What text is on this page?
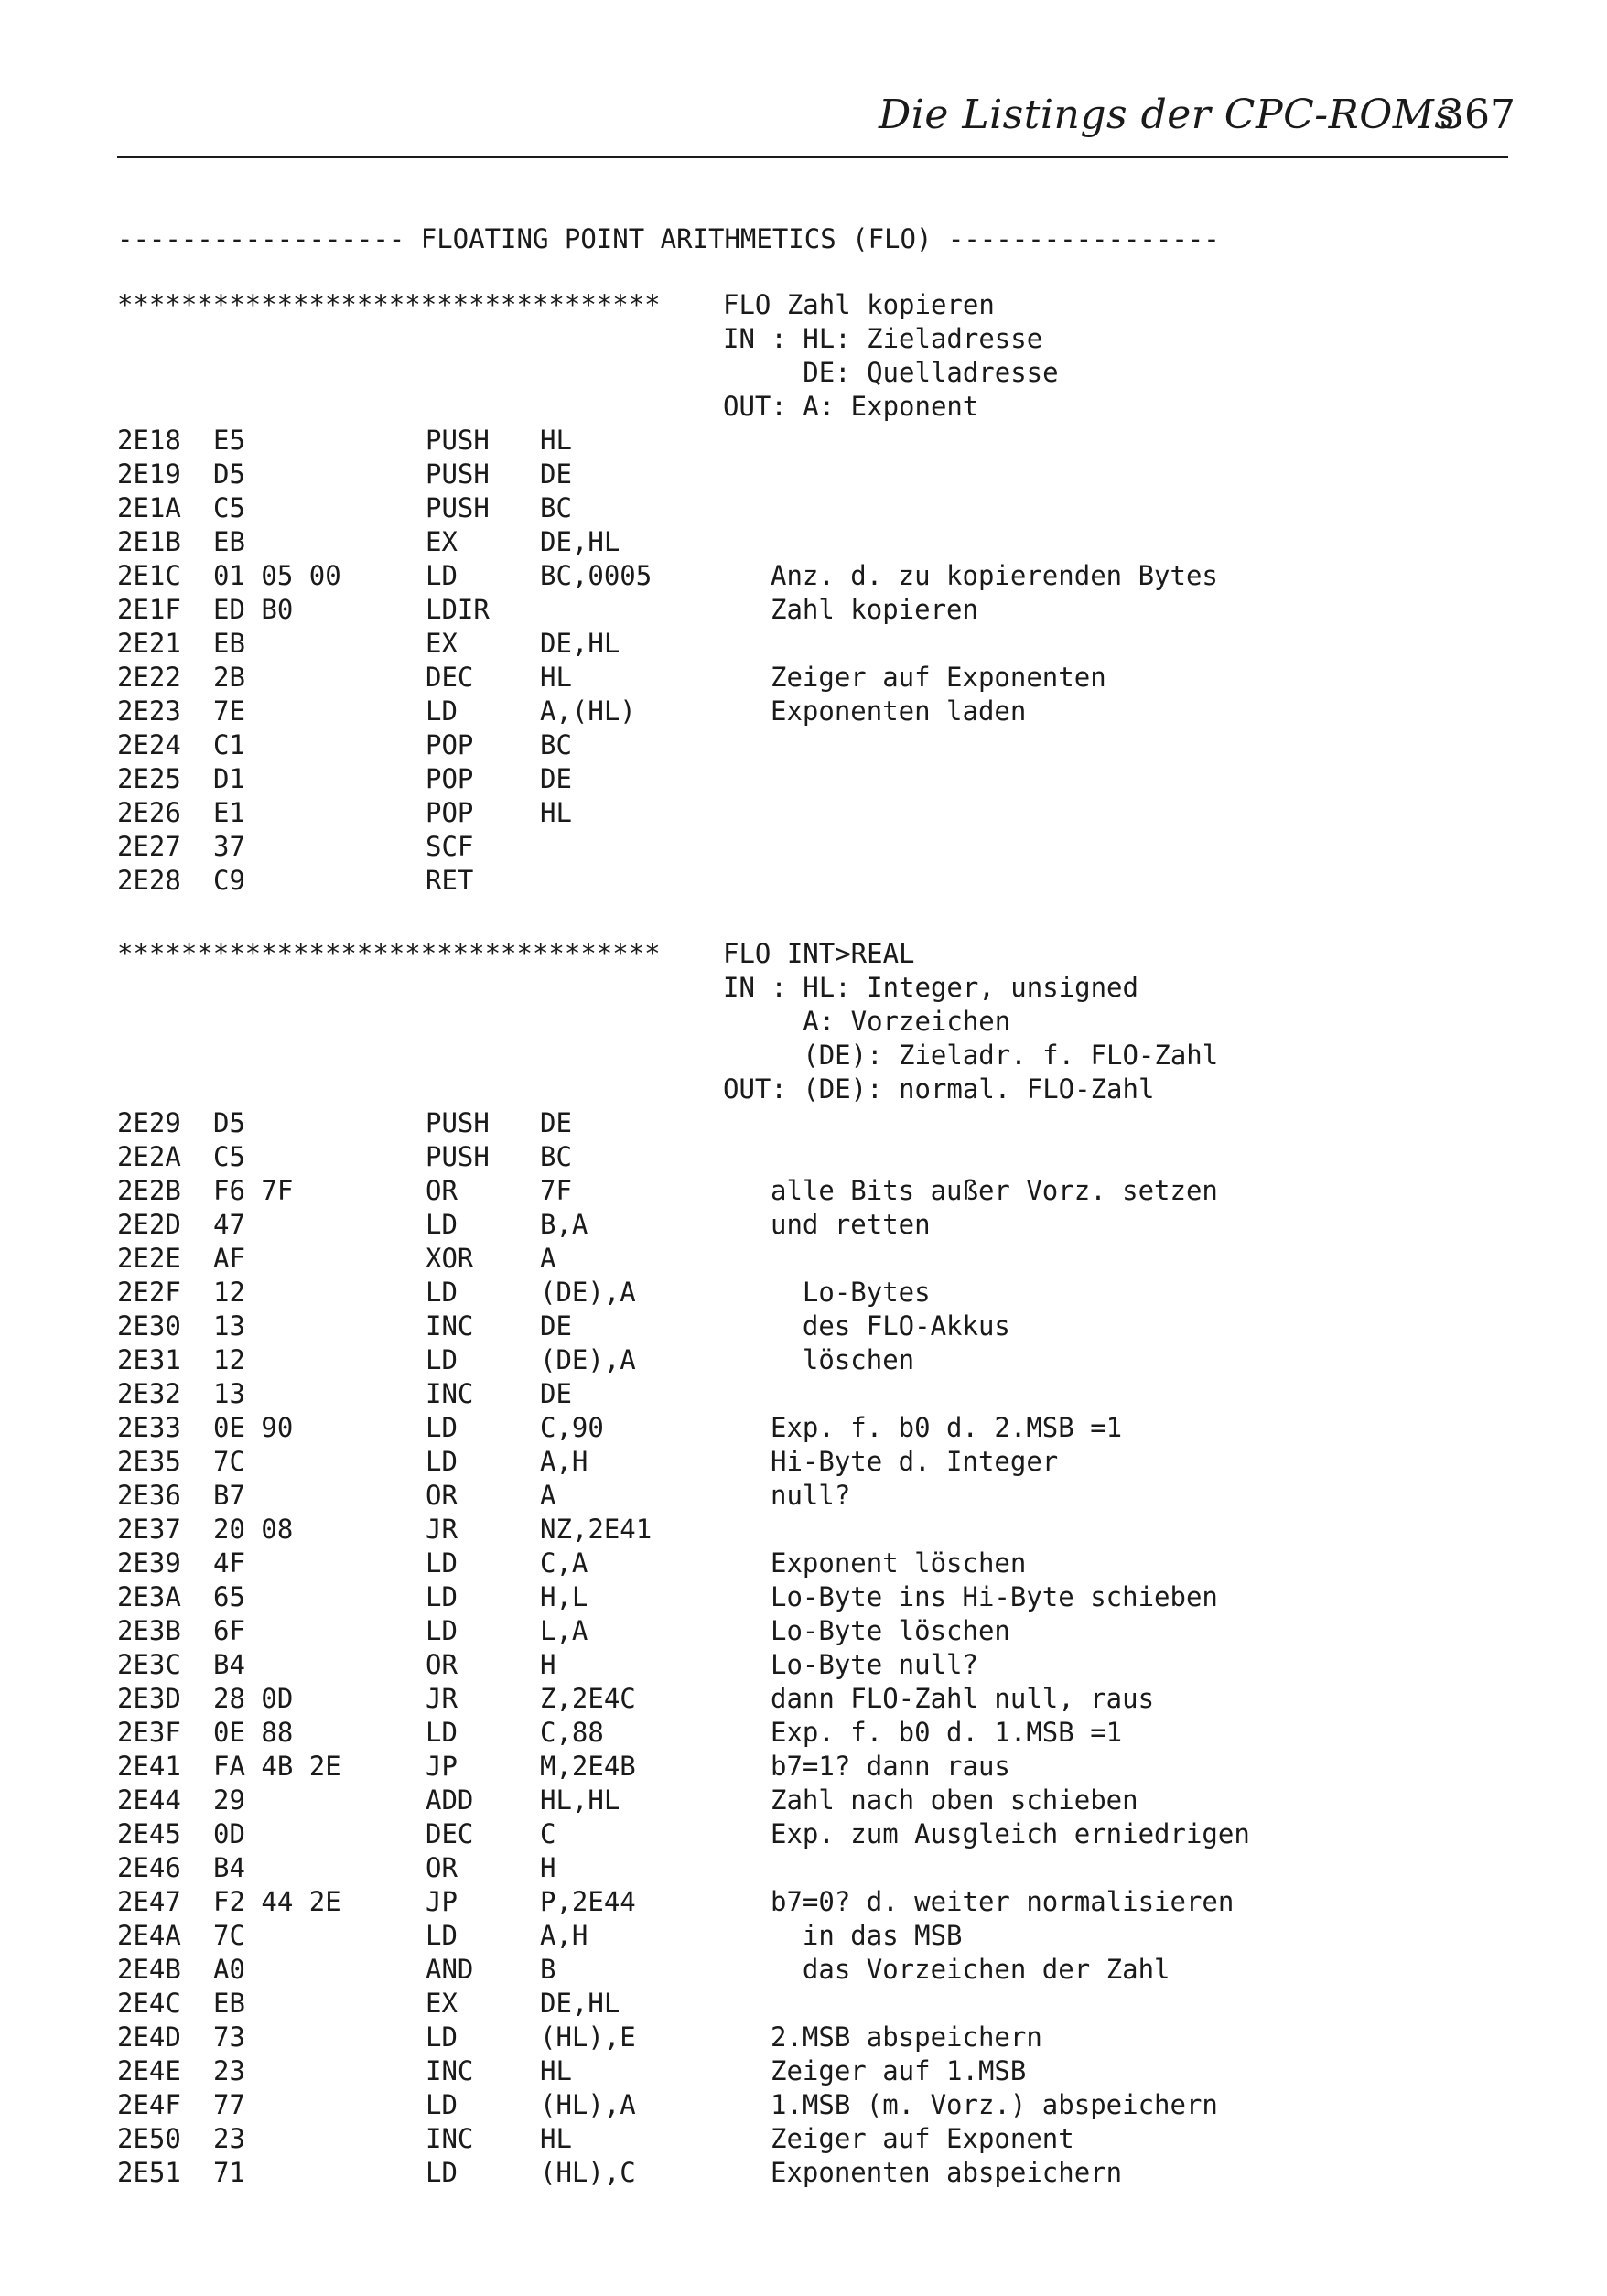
Die Listings der CPC-ROMs
367
------------------ FLOATING POINT ARITHMETICS (FLO) -----------------
********************************** FLO Zahl kopieren
IN : HL: Zieladresse
DE: Quelladresse
OUT: A: Exponent
2E18 E5	PUSH HL
2E19 D5	PUSH DE
2E1A C5	PUSH BC
2E1B EB	EX	DE,HL
2E1C 01 05 00	LD	BC,0005	Anz. d. zu kopierenden Bytes
2E1F ED B0	LDIR	Zahl kopieren
2E21 EB	EX	DE,HL
2E22 2B	DEC	HL	Zeiger auf Exponenten
2E23 7E	LD	A,(HL)	Exponenten laden
2E24 C1	POP	BC
2E25 D1	POP	DE
2E26 E1	POP	HL
2E27 37	SCF
2E28 C9	RET
********************************** FLO INT>REAL
IN : HL: Integer, unsigned
A: Vorzeichen
(DE): Zieladr. f. FLO-Zahl
OUT: (DE): normal. FLO-Zahl
2E29 D5	PUSH DE
2E2A C5	PUSH BC
2E2B F6 7F	OR	7F	alle Bits außer Vorz. setzen
2E2D 47	LD	B,A	und retten
2E2E AF	XOR	A
2E2F 12	LD	(DE),A	Lo-Bytes
2E30 13	INC	DE	des FLO-Akkus
2E31 12	LD	(DE),A	löschen
2E32 13	INC	DE
2E33 0E 90	LD	C,90	Exp. f. b0 d. 2.MSB =1
2E35 7C	LD	A,H	Hi-Byte d. Integer
2E36 B7	OR	A	null?
2E37 20 08	JR	NZ,2E41
2E39 4F	LD	C,A	Exponent löschen
2E3A 65	LD	H,L	Lo-Byte ins Hi-Byte schieben
2E3B 6F	LD	L,A	Lo-Byte löschen
2E3C B4	OR	H	Lo-Byte null?
2E3D 28 0D	JR	Z,2E4C	dann FLO-Zahl null, raus
2E3F 0E 88	LD	C,88	Exp. f. b0 d. 1.MSB =1
2E41 FA 4B 2E	JP	M,2E4B	b7=1? dann raus
2E44 29	ADD	HL,HL	Zahl nach oben schieben
2E45 0D	DEC	C	Exp. zum Ausgleich erniedrigen
2E46 B4	OR	H
2E47 F2 44 2E	JP	P,2E44	b7=0? d. weiter normalisieren
2E4A 7C	LD	A,H	in das MSB
2E4B A0	AND	B	das Vorzeichen der Zahl
2E4C EB	EX	DE,HL
2E4D 73	LD	(HL),E	2.MSB abspeichern
2E4E 23	INC	HL	Zeiger auf 1.MSB
2E4F 77	LD	(HL),A	1.MSB (m. Vorz.) abspeichern
2E50 23	INC	HL	Zeiger auf Exponent
2E51 71	LD	(HL),C	Exponenten abspeichern
